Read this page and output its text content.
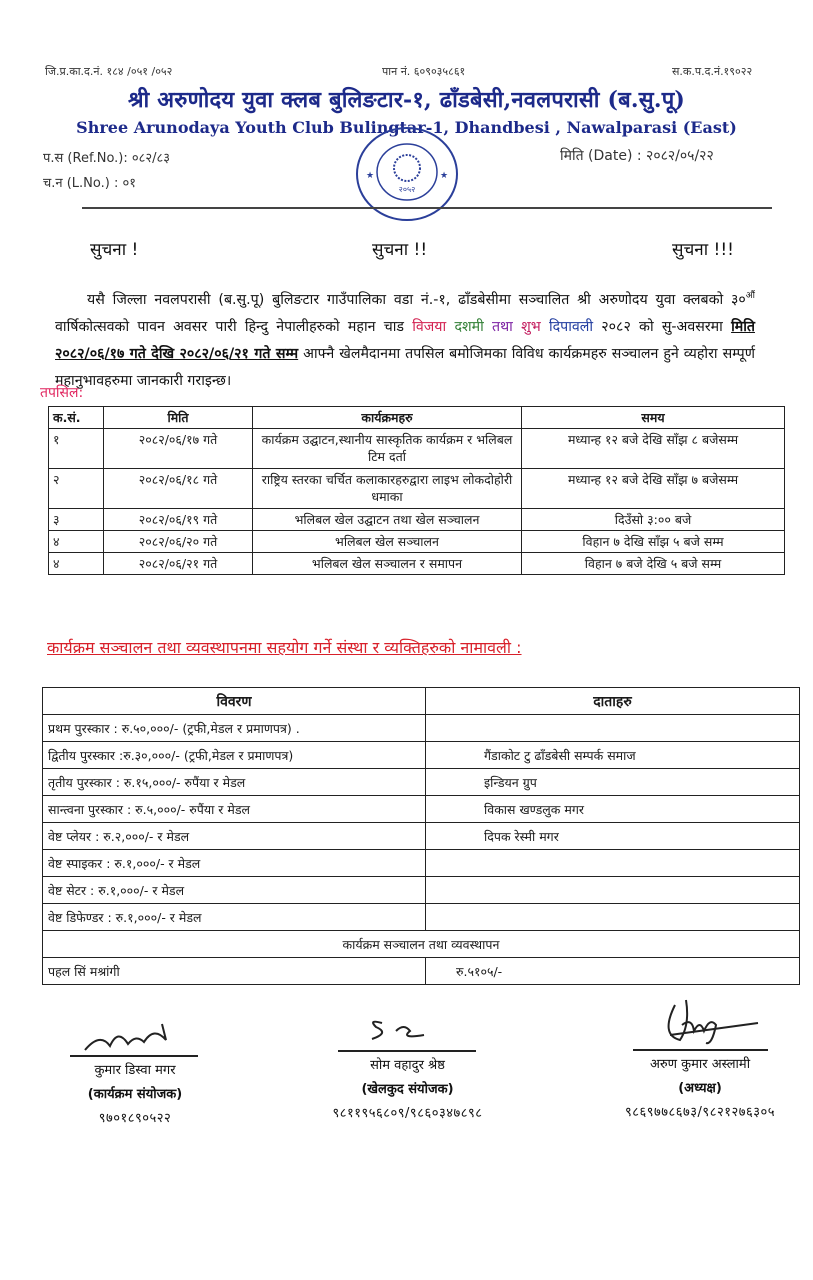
जि.प्र.का.द.नं. १८४ /०५१ /०५२	पान नं. ६०९०३५८६१	स.क.प.द.नं.१९०२२
श्री अरुणोदय युवा क्लब बुलिङटार-१, ढाँडबेसी,नवलपरासी (ब.सु.पू)
Shree Arunodaya Youth Club Bulingtar-1, Dhandbesi , Nawalparasi (East)
प.स (Ref.No.): ०८२/८३
च.न (L.No.) : ०१
मिति (Date) : २०८२/०५/२२
२०५२
★	★
सुचना !	सुचना !!	सुचना !!!
यसै जिल्ला नवलपरासी (ब.सु.पू) बुलिङटार गाउँपालिका वडा नं.-१, ढाँडबेसीमा सञ्चालित श्री अरुणोदय युवा क्लबको $३०^{औं}$ वार्षिकोत्सवको पावन अवसर पारी हिन्दु नेपालीहरुको महान चाड विजया दशमी तथा शुभ दिपावली २०८२ को सु-अवसरमा मिति २०८२/०६/१७ गते देखि २०८२/०६/२१ गते सम्म आफ्नै खेलमैदानमा तपसिल बमोजिमका विविध कार्यक्रमहरु सञ्चालन हुने व्यहोरा सम्पूर्ण महानुभावहरुमा जानकारी गराइन्छ।
तपसिल:
क.सं.	मिति	कार्यक्रमहरु	समय
१	२०८२/०६/१७ गते	कार्यक्रम उद्घाटन,स्थानीय सास्कृतिक कार्यक्रम र भलिबल टिम दर्ता	मध्यान्ह १२ बजे देखि साँझ ८ बजेसम्म
२	२०८२/०६/१८ गते	राष्ट्रिय स्तरका चर्चित कलाकारहरुद्वारा लाइभ लोकदोहोरी धमाका	मध्यान्ह १२ बजे देखि साँझ ७ बजेसम्म
३	२०८२/०६/१९ गते	भलिबल खेल उद्घाटन तथा खेल सञ्चालन	दिउँसो ३:०० बजे
४	२०८२/०६/२० गते	भलिबल खेल सञ्चालन	विहान ७ देखि साँझ ५ बजे सम्म
४	२०८२/०६/२१ गते	भलिबल खेल सञ्चालन र समापन	विहान ७ बजे देखि ५ बजे सम्म
कार्यक्रम सञ्चालन तथा व्यवस्थापनमा सहयोग गर्ने संस्था र व्यक्तिहरुको नामावली :
विवरण	दाताहरु
प्रथम पुरस्कार : रु.५०,०००/- (ट्रफी,मेडल र प्रमाणपत्र) .	
द्वितीय पुरस्कार :रु.३०,०००/- (ट्रफी,मेडल र प्रमाणपत्र)	गैंडाकोट टु ढाँडबेसी सम्पर्क समाज
तृतीय पुरस्कार : रु.१५,०००/- रुपैंया र मेडल	इन्डियन ग्रुप
सान्त्वना पुरस्कार : रु.५,०००/- रुपैंया र मेडल	विकास खण्डलुक मगर
वेष्ट प्लेयर : रु.२,०००/- र मेडल	दिपक रेस्मी मगर
वेष्ट स्पाइकर : रु.१,०००/- र मेडल	
वेष्ट सेटर : रु.१,०००/- र मेडल	
वेष्ट डिफेण्डर : रु.१,०००/- र मेडल	
कार्यक्रम सञ्चालन तथा व्यवस्थापन	
पहल सिं मश्रांगी	रु.५१०५/-
कुमार डिस्वा मगर
(कार्यक्रम संयोजक)
९७०१८९०५२२
सोम वहादुर श्रेष्ठ
(खेलकुद संयोजक)
९८११९५६८०९/९८६०३४७८९८
अरुण कुमार अस्लामी
(अध्यक्ष)
९८६९७७८६७३/९८२१२७६३०५
